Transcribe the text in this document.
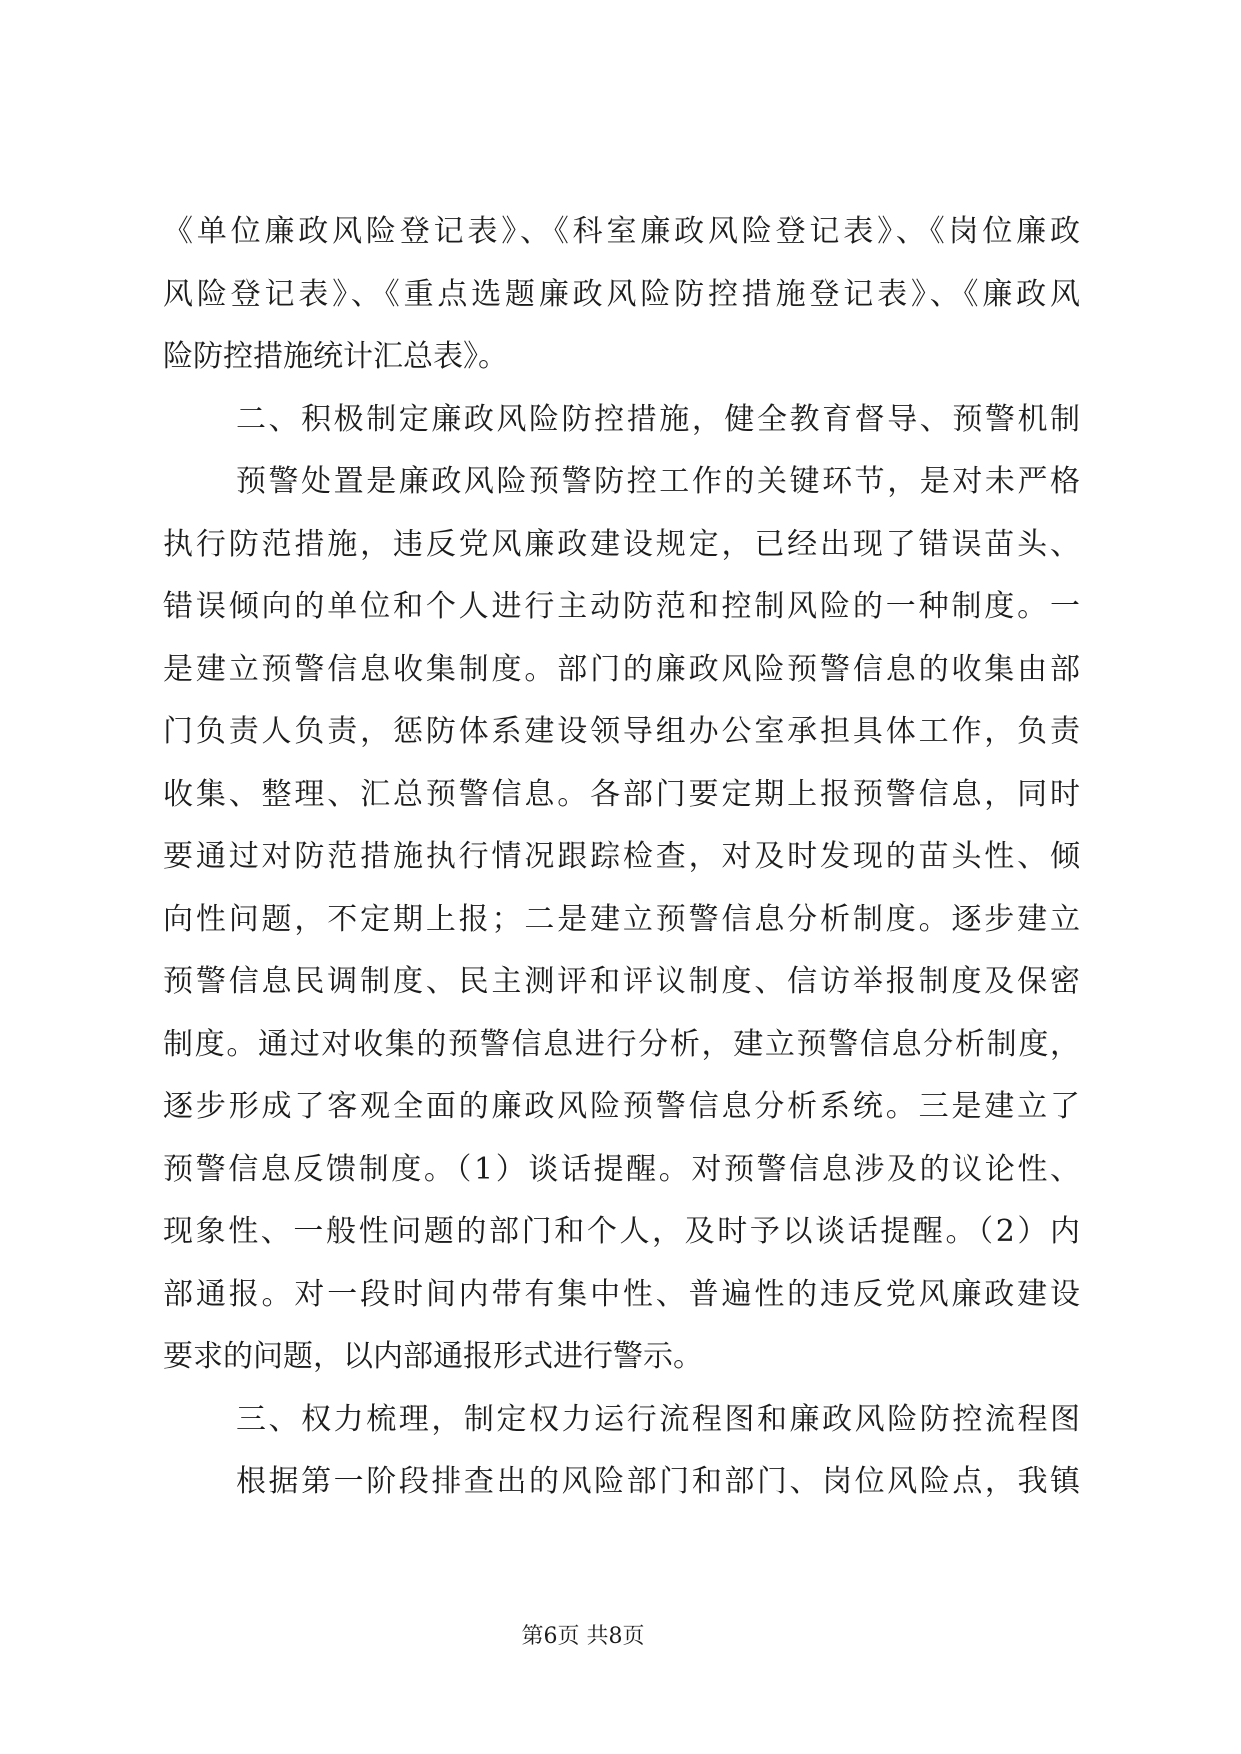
《单位廉政风险登记表》、《科室廉政风险登记表》、《岗位廉政
风险登记表》、《重点选题廉政风险防控措施登记表》、《廉政风
险防控措施统计汇总表》。
二、积极制定廉政风险防控措施，健全教育督导、预警机制
预警处置是廉政风险预警防控工作的关键环节，是对未严格
执行防范措施，违反党风廉政建设规定，已经出现了错误苗头、
错误倾向的单位和个人进行主动防范和控制风险的一种制度。一
是建立预警信息收集制度。部门的廉政风险预警信息的收集由部
门负责人负责，惩防体系建设领导组办公室承担具体工作，负责
收集、整理、汇总预警信息。各部门要定期上报预警信息，同时
要通过对防范措施执行情况跟踪检查，对及时发现的苗头性、倾
向性问题，不定期上报；二是建立预警信息分析制度。逐步建立
预警信息民调制度、民主测评和评议制度、信访举报制度及保密
制度。通过对收集的预警信息进行分析，建立预警信息分析制度，
逐步形成了客观全面的廉政风险预警信息分析系统。三是建立了
预警信息反馈制度。（1）谈话提醒。对预警信息涉及的议论性、
现象性、一般性问题的部门和个人，及时予以谈话提醒。（2）内
部通报。对一段时间内带有集中性、普遍性的违反党风廉政建设
要求的问题，以内部通报形式进行警示。
三、权力梳理，制定权力运行流程图和廉政风险防控流程图
根据第一阶段排查出的风险部门和部门、岗位风险点，我镇
第6页 共8页
